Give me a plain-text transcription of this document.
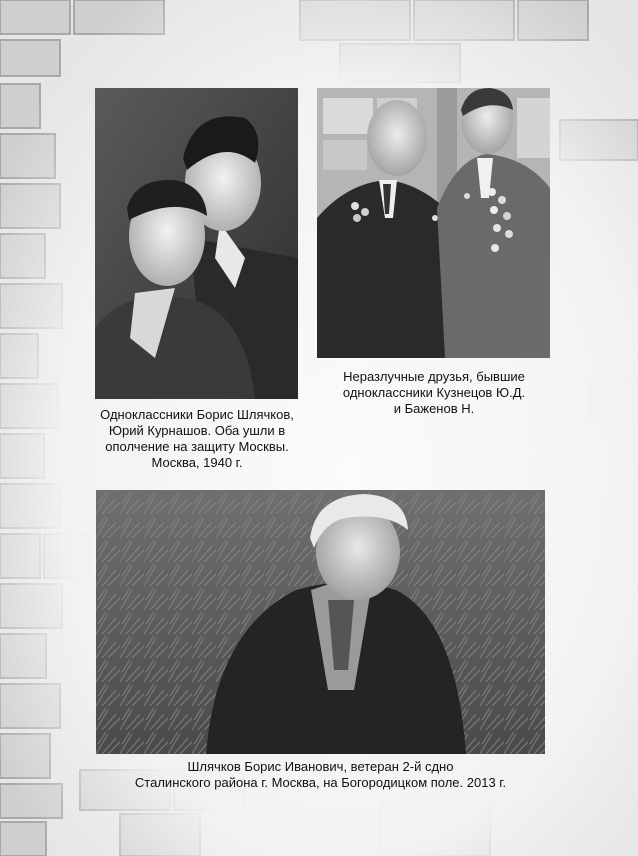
Одноклассники Борис Шлячков,
Юрий Курнашов. Оба ушли в
ополчение на защиту Москвы.
Москва, 1940 г.
Неразлучные друзья, бывшие
одноклассники Кузнецов Ю.Д.
и Баженов Н.
Шлячков Борис Иванович, ветеран 2-й сдно
Сталинского района г. Москва, на Богородицком поле. 2013 г.
